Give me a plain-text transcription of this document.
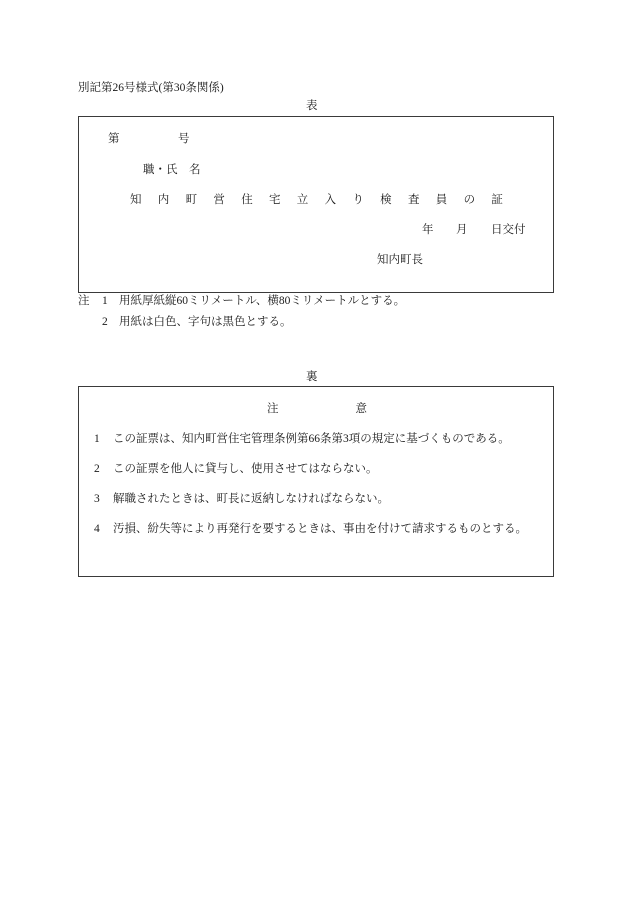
別記第26号様式(第30条関係)
表
第	号
職・氏　名
知 内 町 営 住 宅 立 入 り 検 査 員 の 証
年 月 日交付
知内町長
注 1 用紙厚紙縦60ミリメートル、横80ミリメートルとする。
2 用紙は白色、字句は黒色とする。
裏
注	意
1 この証票は、知内町営住宅管理条例第66条第3項の規定に基づくものである。
2 この証票を他人に貸与し、使用させてはならない。
3 解職されたときは、町長に返納しなければならない。
4 汚損、紛失等により再発行を要するときは、事由を付けて請求するものとする。
